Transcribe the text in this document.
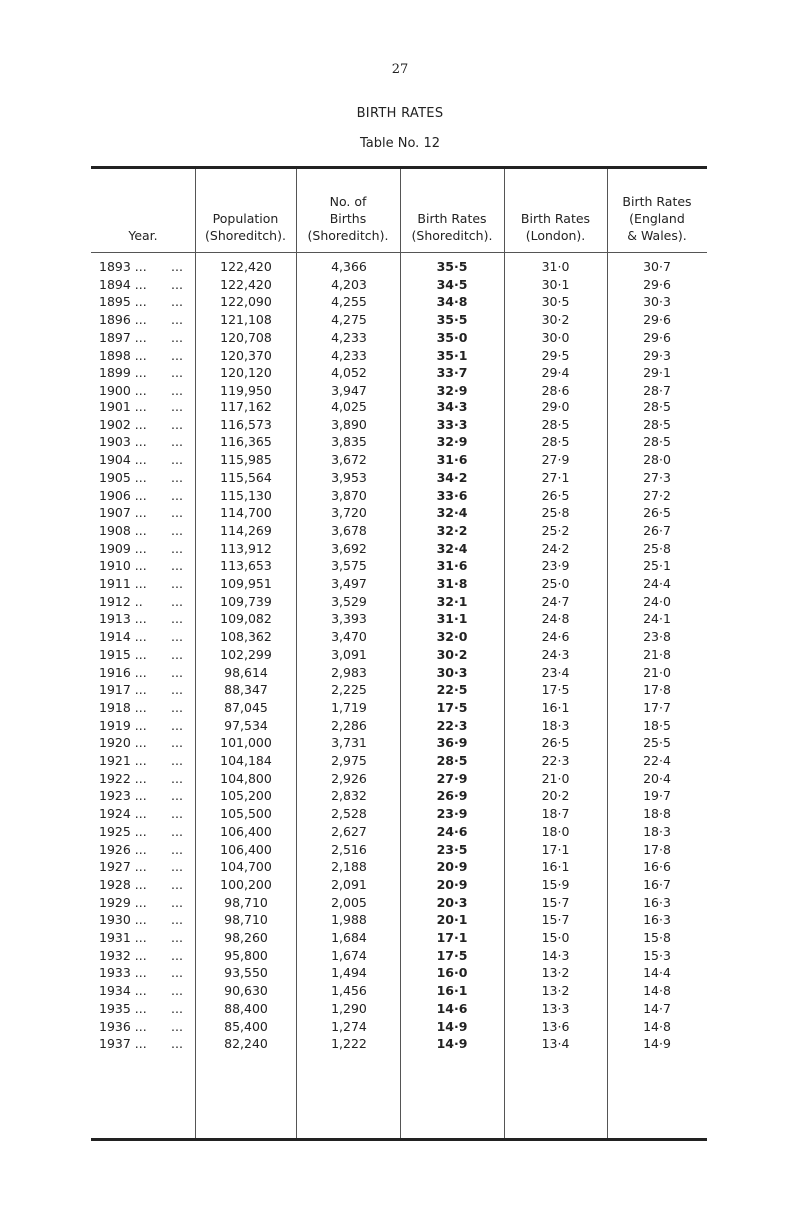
27
BIRTH RATES
Table No. 12
Year.
Population
(Shoreditch).
No. of
Births
(Shoreditch).
Birth Rates
(Shoreditch).
Birth Rates
(London).
Birth Rates
(England
& Wales).
1893 ...	...	122,420	4,366	35·5	31·0	30·7
1894 ...	...	122,420	4,203	34·5	30·1	29·6
1895 ...	...	122,090	4,255	34·8	30·5	30·3
1896 ...	...	121,108	4,275	35·5	30·2	29·6
1897 ...	...	120,708	4,233	35·0	30·0	29·6
1898 ...	...	120,370	4,233	35·1	29·5	29·3
1899 ...	...	120,120	4,052	33·7	29·4	29·1
1900 ...	...	119,950	3,947	32·9	28·6	28·7
1901 ...	...	117,162	4,025	34·3	29·0	28·5
1902 ...	...	116,573	3,890	33·3	28·5	28·5
1903 ...	...	116,365	3,835	32·9	28·5	28·5
1904 ...	...	115,985	3,672	31·6	27·9	28·0
1905 ...	...	115,564	3,953	34·2	27·1	27·3
1906 ...	...	115,130	3,870	33·6	26·5	27·2
1907 ...	...	114,700	3,720	32·4	25·8	26·5
1908 ...	...	114,269	3,678	32·2	25·2	26·7
1909 ...	...	113,912	3,692	32·4	24·2	25·8
1910 ...	...	113,653	3,575	31·6	23·9	25·1
1911 ...	...	109,951	3,497	31·8	25·0	24·4
1912 ..	...	109,739	3,529	32·1	24·7	24·0
1913 ...	...	109,082	3,393	31·1	24·8	24·1
1914 ...	...	108,362	3,470	32·0	24·6	23·8
1915 ...	...	102,299	3,091	30·2	24·3	21·8
1916 ...	...	98,614	2,983	30·3	23·4	21·0
1917 ...	...	88,347	2,225	22·5	17·5	17·8
1918 ...	...	87,045	1,719	17·5	16·1	17·7
1919 ...	...	97,534	2,286	22·3	18·3	18·5
1920 ...	...	101,000	3,731	36·9	26·5	25·5
1921 ...	...	104,184	2,975	28·5	22·3	22·4
1922 ...	...	104,800	2,926	27·9	21·0	20·4
1923 ...	...	105,200	2,832	26·9	20·2	19·7
1924 ...	...	105,500	2,528	23·9	18·7	18·8
1925 ...	...	106,400	2,627	24·6	18·0	18·3
1926 ...	...	106,400	2,516	23·5	17·1	17·8
1927 ...	...	104,700	2,188	20·9	16·1	16·6
1928 ...	...	100,200	2,091	20·9	15·9	16·7
1929 ...	...	98,710	2,005	20·3	15·7	16·3
1930 ...	...	98,710	1,988	20·1	15·7	16·3
1931 ...	...	98,260	1,684	17·1	15·0	15·8
1932 ...	...	95,800	1,674	17·5	14·3	15·3
1933 ...	...	93,550	1,494	16·0	13·2	14·4
1934 ...	...	90,630	1,456	16·1	13·2	14·8
1935 ...	...	88,400	1,290	14·6	13·3	14·7
1936 ...	...	85,400	1,274	14·9	13·6	14·8
1937 ...	...	82,240	1,222	14·9	13·4	14·9
